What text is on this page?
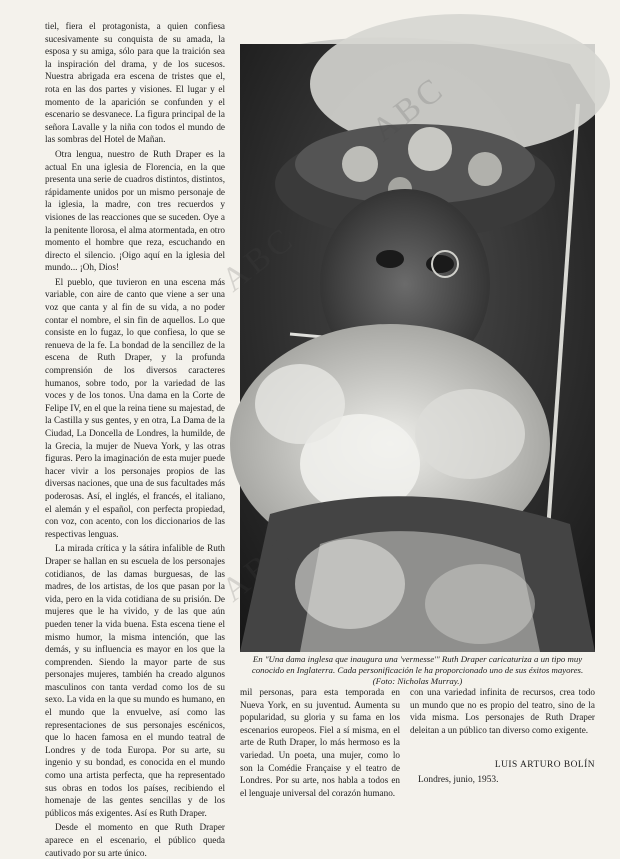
tiel, fiera el protagonista, a quien confiesa sucesivamente su conquista de su amada, la esposa y su amiga, sólo para que la traición sea la inspiración del drama, y de los sucesos. Nuestra abrigada era escena de tristes que el, rota en las dos partes y visiones. El lugar y el momento de la aparición se confunden y el escenario se desvanece. La figura principal de la señora Lavalle y la niña con todos el mundo de las sombras del Hotel de Mañan.

Otra lengua, nuestro de Ruth Draper es la actual En una iglesia de Florencia, en la que presenta una serie de cuadros distintos, distintos, rápidamente unidos por un mismo personaje de la iglesia, la madre, con tres recuerdos y visiones de las reacciones que se suceden. Oye a la penitente llorosa, el alma atormentada, en otro momento el hombre que reza, escuchando en directo el silencio. ¡Oigo aquí en la iglesia del mundo... ¡Oh, Dios!

El pueblo, que tuvieron en una escena más variable, con aire de canto que viene a ser una voz que canta y al fin de su vida, a no poder contar el nombre, el sin fin de aquellos. Lo que consiste en lo fugaz, lo que confiesa, lo que se renueva de la fe. La bondad de la sencillez de la escena de Ruth Draper, y la profunda comprensión de los diversos caracteres humanos, sobre todo, por la variedad de las voces y de los tonos. Una dama en la Corte de Felipe IV, en el que la reina tiene su majestad, de la Castilla y sus gentes, y en otra, La Dama de la Ciudad, La Doncella de Londres, la humilde, de la Grecia, la mujer de Nueva York, y las otras figuras. Pero la imaginación de esta mujer puede hacer vivir a los personajes propios de las diversas naciones, que una de sus facultades más poderosas. Así, el inglés, el francés, el italiano, el alemán y el español, con perfecta propiedad, con voz, con acento, con los diccionarios de las respectivas lenguas.

La mirada crítica y la sátira infalible de Ruth Draper se hallan en su escuela de los personajes cotidianos, de las damas burguesas, de las madres, de los artistas, de los que pasan por la vida, pero en la vida cotidiana de su prisión. De mujeres que le ha vivido, y de las que aún pueden tener la vida buena. Esta escena tiene el mismo humor, la misma intención, que las demás, y su influencia es mayor en los que la comprenden. Siendo la mayor parte de sus personajes mujeres, también ha creado algunos masculinos con tanta verdad como los de su sexo. La vida en la que su mundo es humano, en el mundo que la envuelve, así como las representaciones de sus personajes escénicos, que lo hacen famosa en el mundo teatral de Londres y de toda Europa. Por su arte, su ingenio y su bondad, es conocida en el mundo como una artista perfecta, que ha representado sus obras en todos los países, recibiendo el homenaje de las gentes sencillas y de los públicos más exigentes. Así es Ruth Draper.

Desde el momento en que Ruth Draper aparece en el escenario, el público queda cautivado por su arte único.

En "Una dama inglesa que inaugura una 'vermesse'" Ruth Draper caricaturiza a un tipo muy conocido en Inglaterra. Cada personificación le ha proporcionado uno de sus éxitos mayores. (Foto: Nicholas Murray.)

mil personas, para esta temporada en Nueva York, en su juventud. Aumenta su popularidad, su gloria y su fama en los escenarios europeos. Fiel a sí misma, en el arte de Ruth Draper, lo más hermoso es la variedad. Un poeta, una mujer, como lo son la Comédie Française y el teatro de Londres. Por su arte, nos habla a todos en el lenguaje universal del corazón humano.

con una variedad infinita de recursos, crea todo un mundo que no es propio del teatro, sino de la vida misma. Los personajes de Ruth Draper deleitan a un público tan diverso como exigente.

LUIS ARTURO BOLÍN
Londres, junio, 1953.
